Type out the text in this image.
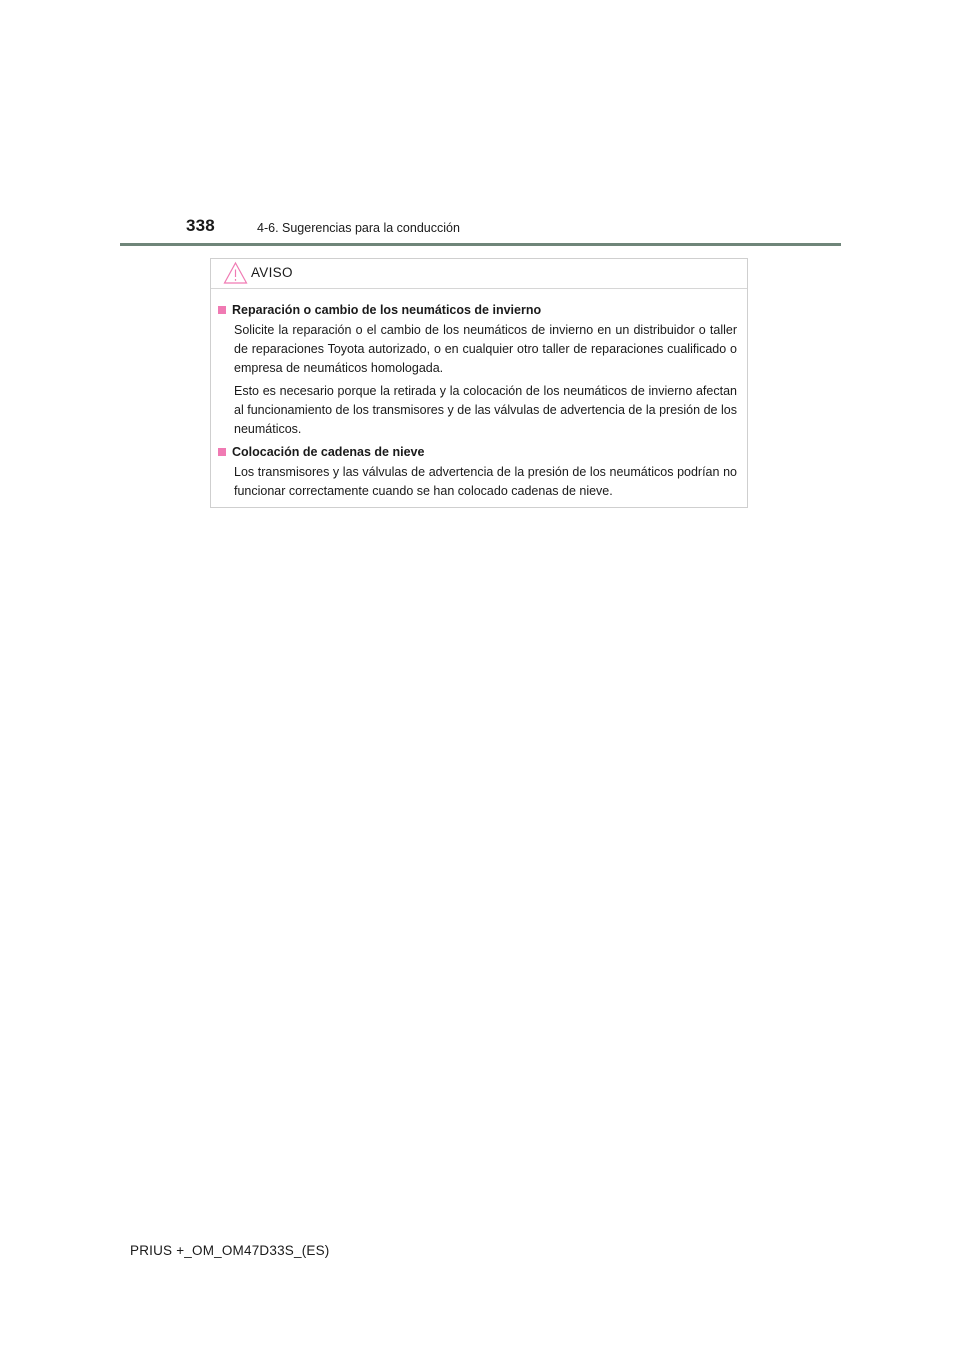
338	4-6. Sugerencias para la conducción
AVISO
Reparación o cambio de los neumáticos de invierno

Solicite la reparación o el cambio de los neumáticos de invierno en un distribuidor o taller de reparaciones Toyota autorizado, o en cualquier otro taller de reparaciones cualificado o empresa de neumáticos homologada.

Esto es necesario porque la retirada y la colocación de los neumáticos de invierno afectan al funcionamiento de los transmisores y de las válvulas de advertencia de la presión de los neumáticos.

Colocación de cadenas de nieve

Los transmisores y las válvulas de advertencia de la presión de los neumáticos podrían no funcionar correctamente cuando se han colocado cadenas de nieve.

PRIUS +_OM_OM47D33S_(ES)
